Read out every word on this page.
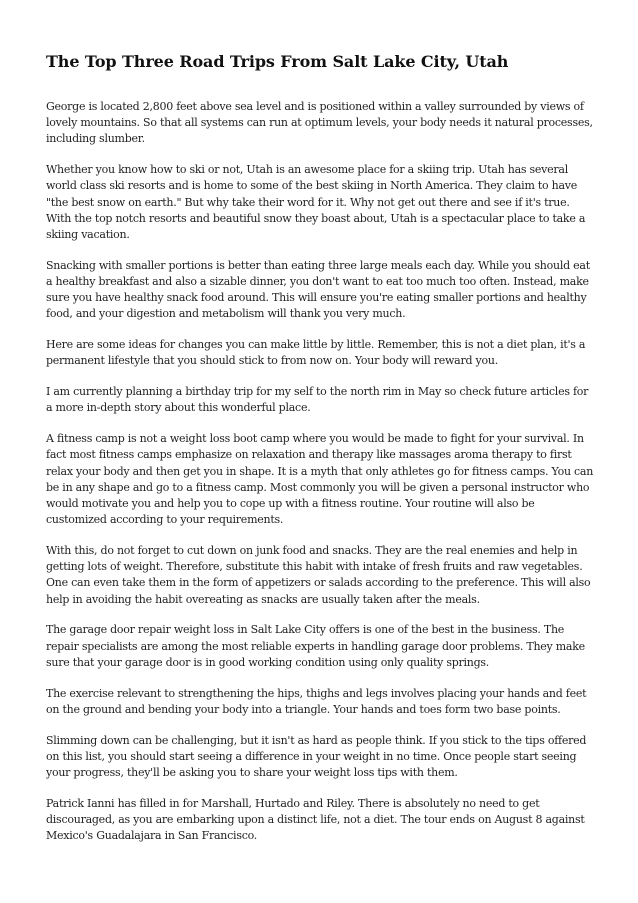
The Top Three Road Trips From Salt Lake City, Utah

George is located 2,800 feet above sea level and is positioned within a valley surrounded by views of lovely mountains. So that all systems can run at optimum levels, your body needs it natural processes, including slumber.

Whether you know how to ski or not, Utah is an awesome place for a skiing trip. Utah has several world class ski resorts and is home to some of the best skiing in North America. They claim to have "the best snow on earth." But why take their word for it. Why not get out there and see if it's true. With the top notch resorts and beautiful snow they boast about, Utah is a spectacular place to take a skiing vacation.

Snacking with smaller portions is better than eating three large meals each day. While you should eat a healthy breakfast and also a sizable dinner, you don't want to eat too much too often. Instead, make sure you have healthy snack food around. This will ensure you're eating smaller portions and healthy food, and your digestion and metabolism will thank you very much.

Here are some ideas for changes you can make little by little. Remember, this is not a diet plan, it's a permanent lifestyle that you should stick to from now on. Your body will reward you.

I am currently planning a birthday trip for my self to the north rim in May so check future articles for a more in-depth story about this wonderful place.

A fitness camp is not a weight loss boot camp where you would be made to fight for your survival. In fact most fitness camps emphasize on relaxation and therapy like massages aroma therapy to first relax your body and then get you in shape. It is a myth that only athletes go for fitness camps. You can be in any shape and go to a fitness camp. Most commonly you will be given a personal instructor who would motivate you and help you to cope up with a fitness routine. Your routine will also be customized according to your requirements.

With this, do not forget to cut down on junk food and snacks. They are the real enemies and help in getting lots of weight. Therefore, substitute this habit with intake of fresh fruits and raw vegetables. One can even take them in the form of appetizers or salads according to the preference. This will also help in avoiding the habit overeating as snacks are usually taken after the meals.

The garage door repair weight loss in Salt Lake City offers is one of the best in the business. The repair specialists are among the most reliable experts in handling garage door problems. They make sure that your garage door is in good working condition using only quality springs.

The exercise relevant to strengthening the hips, thighs and legs involves placing your hands and feet on the ground and bending your body into a triangle. Your hands and toes form two base points.

Slimming down can be challenging, but it isn't as hard as people think. If you stick to the tips offered on this list, you should start seeing a difference in your weight in no time. Once people start seeing your progress, they'll be asking you to share your weight loss tips with them.

Patrick Ianni has filled in for Marshall, Hurtado and Riley. There is absolutely no need to get discouraged, as you are embarking upon a distinct life, not a diet. The tour ends on August 8 against Mexico's Guadalajara in San Francisco.
